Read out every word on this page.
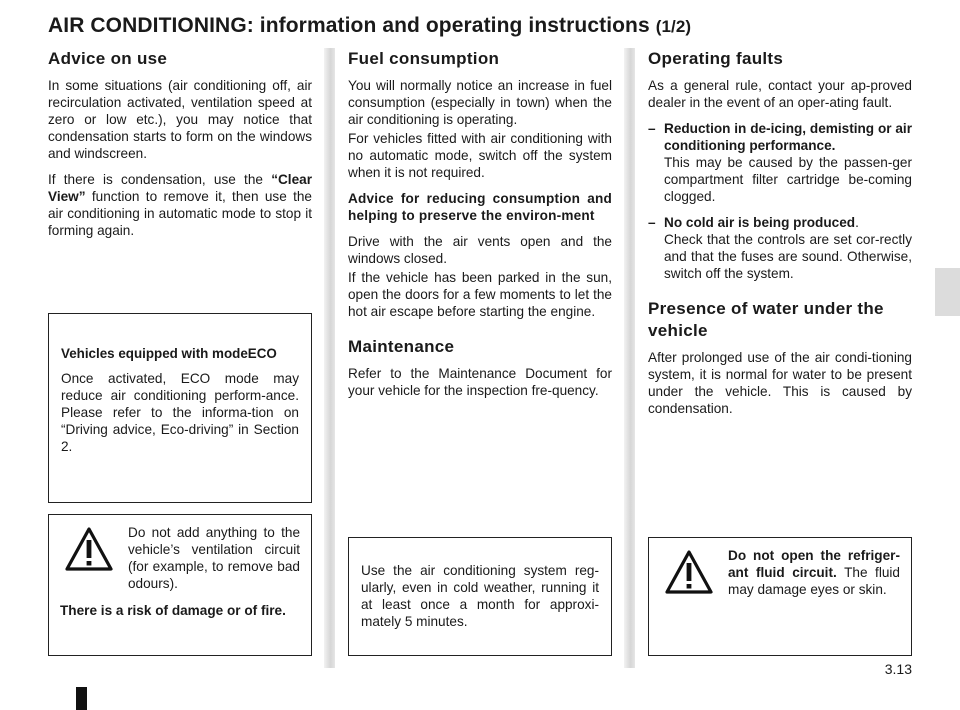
AIR CONDITIONING: information and operating instructions (1/2)
Advice on use

In some situations (air conditioning off, air recirculation activated, ventilation speed at zero or low etc.), you may notice that condensation starts to form on the windows and windscreen.

If there is condensation, use the “Clear View” function to remove it, then use the air conditioning in automatic mode to stop it forming again.

Vehicles equipped with modeECO

Once activated, ECO mode may reduce air conditioning perform-ance. Please refer to the informa-tion on “Driving advice, Eco-driving” in Section 2.

Do not add anything to the vehicle’s ventilation circuit (for example, to remove bad odours).

There is a risk of damage or of fire.

Fuel consumption

You will normally notice an increase in fuel consumption (especially in town) when the air conditioning is operating.

For vehicles fitted with air conditioning with no automatic mode, switch off the system when it is not required.

Advice for reducing consumption and helping to preserve the environ-ment

Drive with the air vents open and the windows closed.

If the vehicle has been parked in the sun, open the doors for a few moments to let the hot air escape before starting the engine.

Maintenance

Refer to the Maintenance Document for your vehicle for the inspection fre-quency.

Use the air conditioning system reg-ularly, even in cold weather, running it at least once a month for approxi-mately 5 minutes.

Operating faults

As a general rule, contact your ap-proved dealer in the event of an oper-ating fault.

– Reduction in de-icing, demisting or air conditioning performance.
This may be caused by the passen-ger compartment filter cartridge be-coming clogged.
– No cold air is being produced.
Check that the controls are set cor-rectly and that the fuses are sound. Otherwise, switch off the system.
Presence of water under the vehicle

After prolonged use of the air condi-tioning system, it is normal for water to be present under the vehicle. This is caused by condensation.

Do not open the refriger-ant fluid circuit. The fluid may damage eyes or skin.

3.13
